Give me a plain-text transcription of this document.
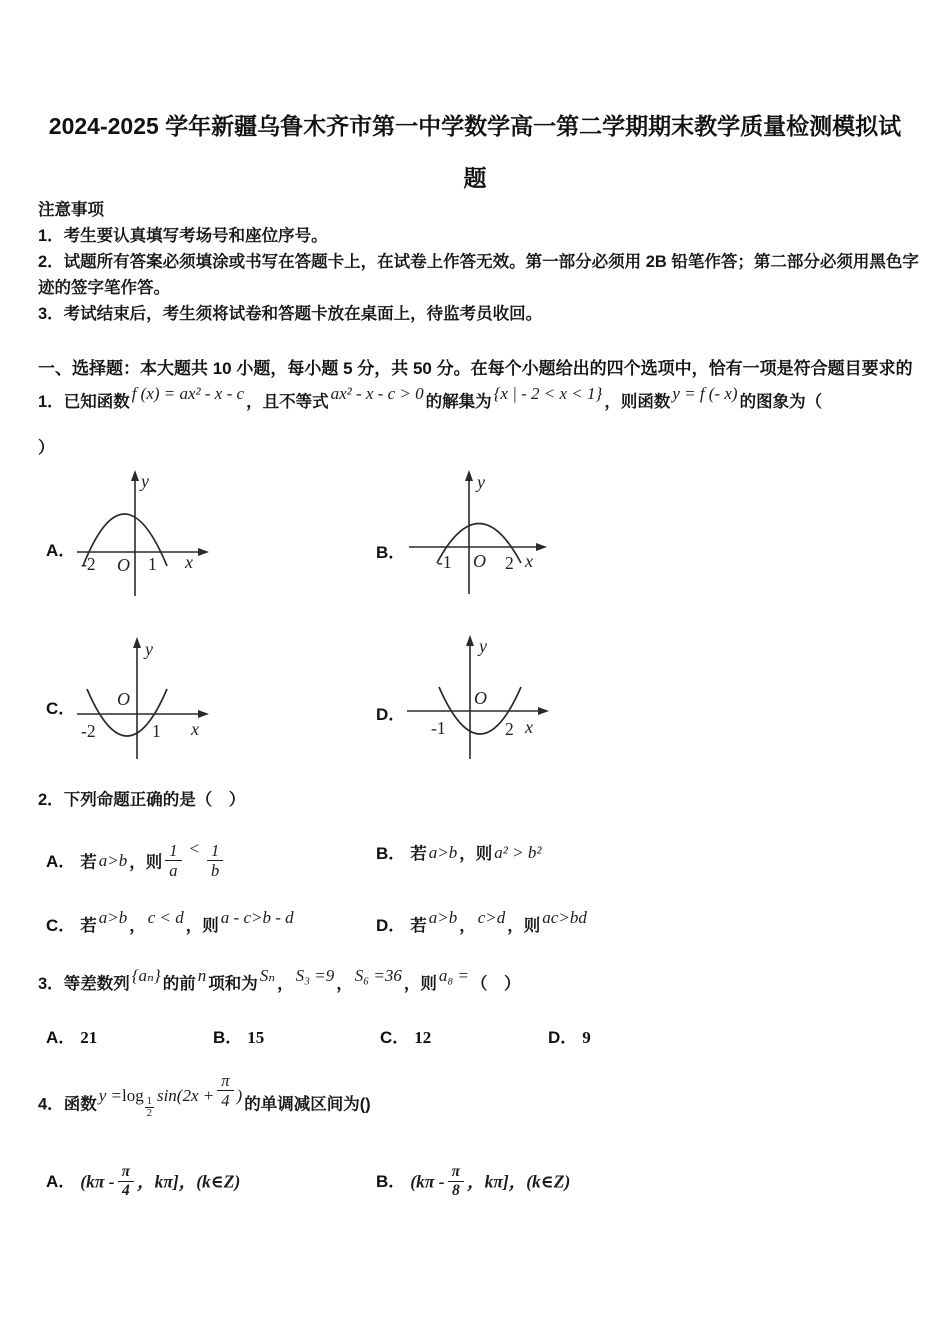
2024-2025 学年新疆乌鲁木齐市第一中学数学高一第二学期期末教学质量检测模拟试
题
注意事项
1．考生要认真填写考场号和座位序号。
2．试题所有答案必须填涂或书写在答题卡上，在试卷上作答无效。第一部分必须用 2B 铅笔作答；第二部分必须用黑色字迹的签字笔作答。
3．考试结束后，考生须将试卷和答题卡放在桌面上，待监考员收回。
一、选择题：本大题共 10 小题，每小题 5 分，共 50 分。在每个小题给出的四个选项中，恰有一项是符合题目要求的
1．已知函数 f (x) = ax² - x - c ，且不等式 ax² - x - c > 0 的解集为 {x | - 2 < x < 1} ，则函数 y = f (- x) 的图象为（
）
A．
-2 O 1 x
y
B． -1 O 2 x
y
C．
-2
O
1 x
y
D．
-1
O
2 x
y
2．下列命题正确的是（　）
A． 若 a>b ，则 $\frac{1}{a} < \frac{1}{b}$	B． 若 a>b ，则 a² > b²
C． 若 a>b ， c < d ，则 a - c>b - d	D． 若 a>b ， c>d ，则 ac>bd
3．等差数列 {aₙ} 的前 n 项和为 Sₙ ， S₃ =9 ， S₆ =36 ，则 a₈ = （　）
A． 21	B． 15	C． 12	D． 9
4．函数 $y =\log \frac{1}{2} \sin(2x + \frac{\pi}{4}$ ) 的单调减区间为()
A． ($k\pi - \frac{\pi}{4}$ ，kπ]，(k∈Z)	B． ($k\pi - \frac{\pi}{8}$ ，kπ]，(k∈Z)
